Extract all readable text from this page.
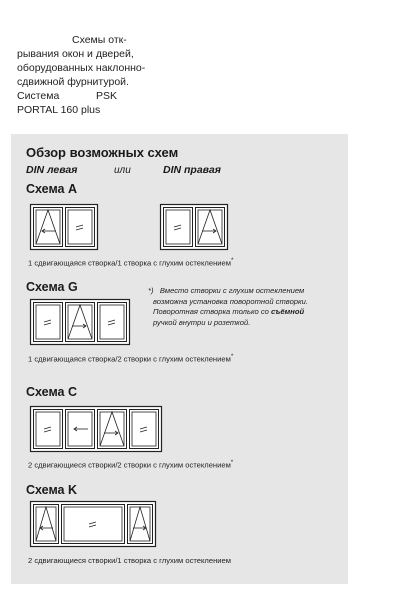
Схемы отк-
рывания окон и дверей,
оборудованных наклонно-
сдвижной фурнитурой.
Система	PSK
PORTAL 160 plus
Обзор возможных схем
DIN левая	или	DIN правая
Схема A
1 сдвигающаяся створка/1 створка с глухим остеклением*
Схема G	*) Вместо створки с глухим остеклением
возможна установка поворотной створки.
Поворотная створка только со съёмной
ручкой внутри и розеткой.
1 сдвигающаяся створка/2 створки с глухим остеклением*
Схема C
2 сдвигающиеся створки/2 створки с глухим остеклением*
Схема K
2 сдвигающиеся створки/1 створка с глухим остеклением
